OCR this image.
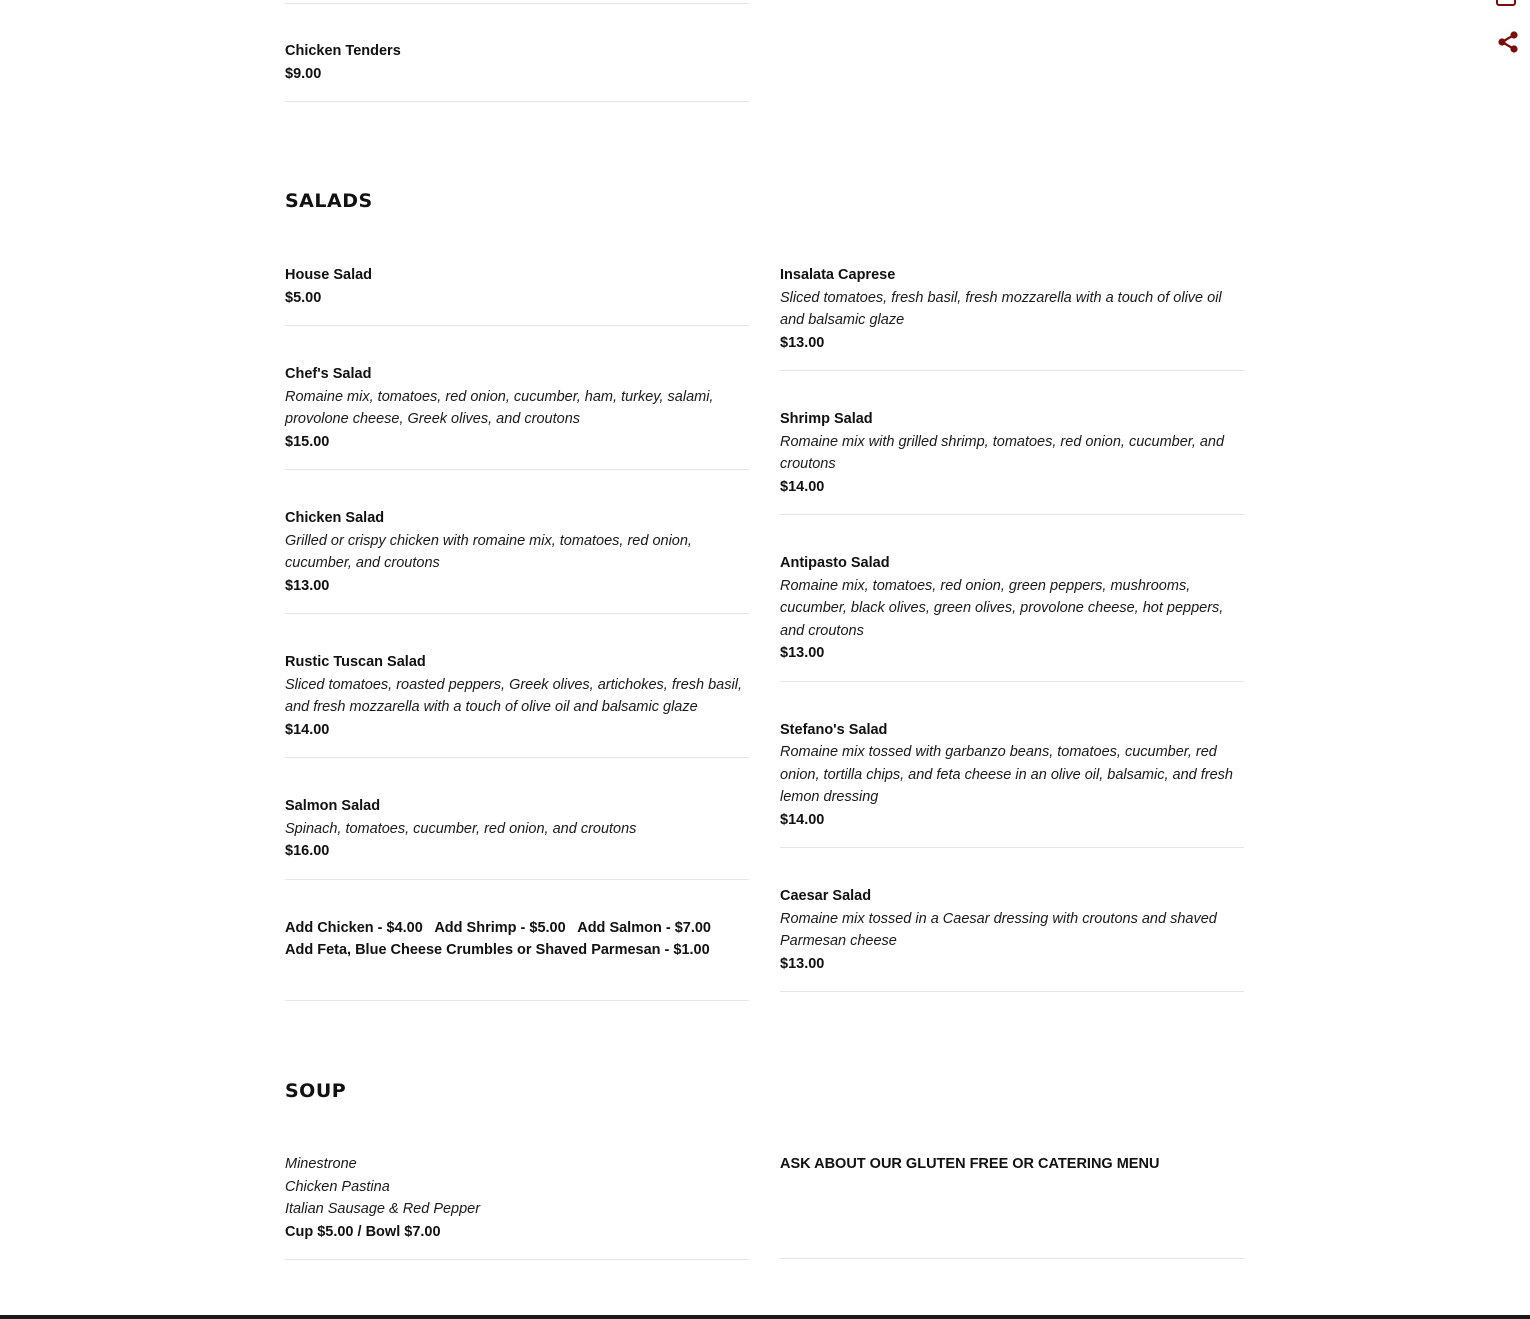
Chicken Tenders

$9.00

SALADS

House Salad

$5.00

Chef's Salad

Romaine mix, tomatoes, red onion, cucumber, ham, turkey, salami, provolone cheese, Greek olives, and croutons

$15.00

Chicken Salad

Grilled or crispy chicken with romaine mix, tomatoes, red onion, cucumber, and croutons

$13.00

Rustic Tuscan Salad

Sliced tomatoes, roasted peppers, Greek olives, artichokes, fresh basil, and fresh mozzarella with a touch of olive oil and balsamic glaze

$14.00

Salmon Salad

Spinach, tomatoes, cucumber, red onion, and croutons

$16.00

Add Chicken - $4.00   Add Shrimp - $5.00   Add Salmon - $7.00

Add Feta, Blue Cheese Crumbles or Shaved Parmesan - $1.00

Insalata Caprese

Sliced tomatoes, fresh basil, fresh mozzarella with a touch of olive oil and balsamic glaze

$13.00

Shrimp Salad

Romaine mix with grilled shrimp, tomatoes, red onion, cucumber, and croutons

$14.00

Antipasto Salad

Romaine mix, tomatoes, red onion, green peppers, mushrooms, cucumber, black olives, green olives, provolone cheese, hot peppers, and croutons

$13.00

Stefano's Salad

Romaine mix tossed with garbanzo beans, tomatoes, cucumber, red onion, tortilla chips, and feta cheese in an olive oil, balsamic, and fresh lemon dressing

$14.00

Caesar Salad

Romaine mix tossed in a Caesar dressing with croutons and shaved Parmesan cheese

$13.00

SOUP

Minestrone

Chicken Pastina

Italian Sausage & Red Pepper

Cup $5.00 / Bowl $7.00

ASK ABOUT OUR GLUTEN FREE OR CATERING MENU
